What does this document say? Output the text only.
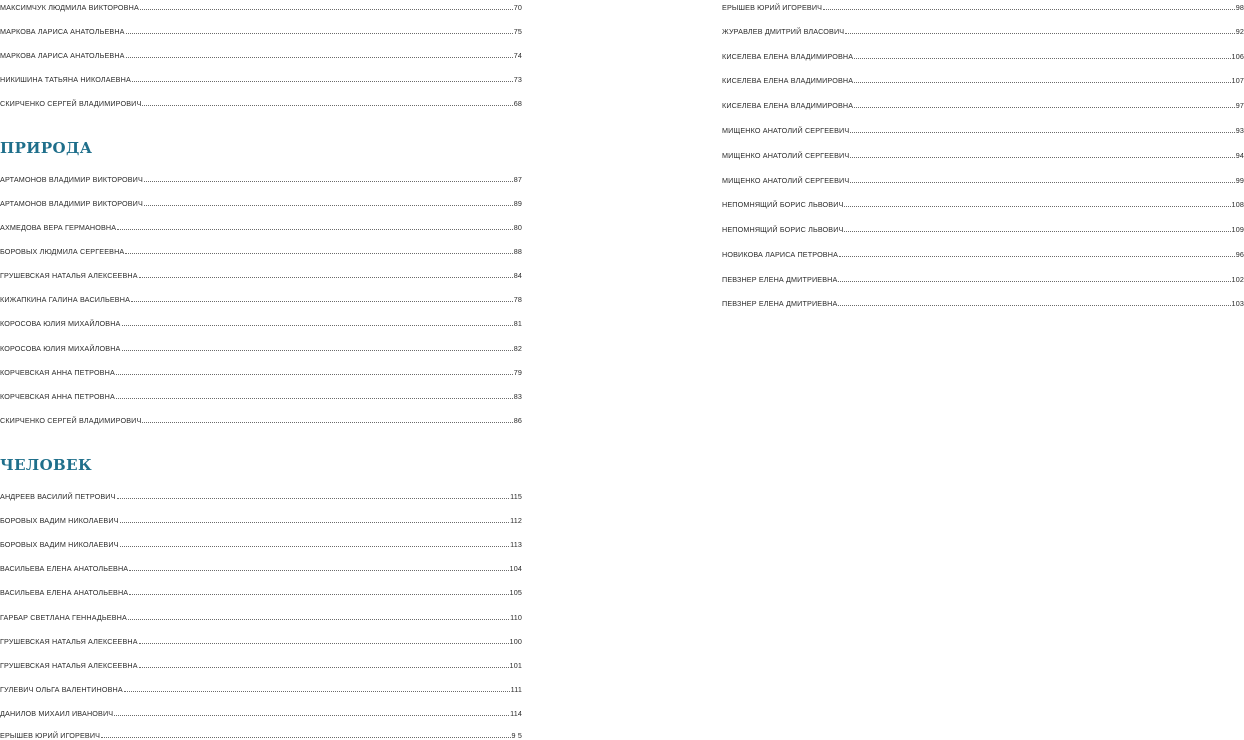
МАКСИМЧУК ЛЮДМИЛА ВИКТОРОВНА	70
МАРКОВА ЛАРИСА АНАТОЛЬЕВНА	75
МАРКОВА ЛАРИСА АНАТОЛЬЕВНА	74
НИКИШИНА ТАТЬЯНА НИКОЛАЕВНА	73
СКИРЧЕНКО СЕРГЕЙ ВЛАДИМИРОВИЧ	68
ПРИРОДА
АРТАМОНОВ ВЛАДИМИР ВИКТОРОВИЧ	87
АРТАМОНОВ ВЛАДИМИР ВИКТОРОВИЧ	89
АХМЕДОВА ВЕРА ГЕРМАНОВНА	80
БОРОВЫХ ЛЮДМИЛА СЕРГЕЕВНА	88
ГРУШЕВСКАЯ НАТАЛЬЯ АЛЕКСЕЕВНА	84
КИЖАПКИНА ГАЛИНА ВАСИЛЬЕВНА	78
КОРОСОВА ЮЛИЯ МИХАЙЛОВНА	81
КОРОСОВА ЮЛИЯ МИХАЙЛОВНА	82
КОРЧЕВСКАЯ АННА ПЕТРОВНА	79
КОРЧЕВСКАЯ АННА ПЕТРОВНА	83
СКИРЧЕНКО СЕРГЕЙ ВЛАДИМИРОВИЧ	86
ЧЕЛОВЕК
АНДРЕЕВ ВАСИЛИЙ ПЕТРОВИЧ	115
БОРОВЫХ ВАДИМ НИКОЛАЕВИЧ	112
БОРОВЫХ ВАДИМ НИКОЛАЕВИЧ	113
ВАСИЛЬЕВА ЕЛЕНА АНАТОЛЬЕВНА	104
ВАСИЛЬЕВА ЕЛЕНА АНАТОЛЬЕВНА	105
ГАРБАР СВЕТЛАНА ГЕННАДЬЕВНА	110
ГРУШЕВСКАЯ НАТАЛЬЯ АЛЕКСЕЕВНА	100
ГРУШЕВСКАЯ НАТАЛЬЯ АЛЕКСЕЕВНА	101
ГУЛЕВИЧ ОЛЬГА ВАЛЕНТИНОВНА	111
ДАНИЛОВ МИХАИЛ ИВАНОВИЧ	114
ЕРЫШЕВ ЮРИЙ ИГОРЕВИЧ	9 5
ЕРЫШЕВ ЮРИЙ ИГОРЕВИЧ	98
ЖУРАВЛЕВ ДМИТРИЙ ВЛАСОВИЧ	92
КИСЕЛЕВА ЕЛЕНА ВЛАДИМИРОВНА	106
КИСЕЛЕВА ЕЛЕНА ВЛАДИМИРОВНА	107
КИСЕЛЕВА ЕЛЕНА ВЛАДИМИРОВНА	97
МИЩЕНКО АНАТОЛИЙ СЕРГЕЕВИЧ	93
МИЩЕНКО АНАТОЛИЙ СЕРГЕЕВИЧ	94
МИЩЕНКО АНАТОЛИЙ СЕРГЕЕВИЧ	99
НЕПОМНЯЩИЙ БОРИС ЛЬВОВИЧ	108
НЕПОМНЯЩИЙ БОРИС ЛЬВОВИЧ	109
НОВИКОВА ЛАРИСА ПЕТРОВНА	96
ПЕВЗНЕР ЕЛЕНА ДМИТРИЕВНА	102
ПЕВЗНЕР ЕЛЕНА ДМИТРИЕВНА	103
